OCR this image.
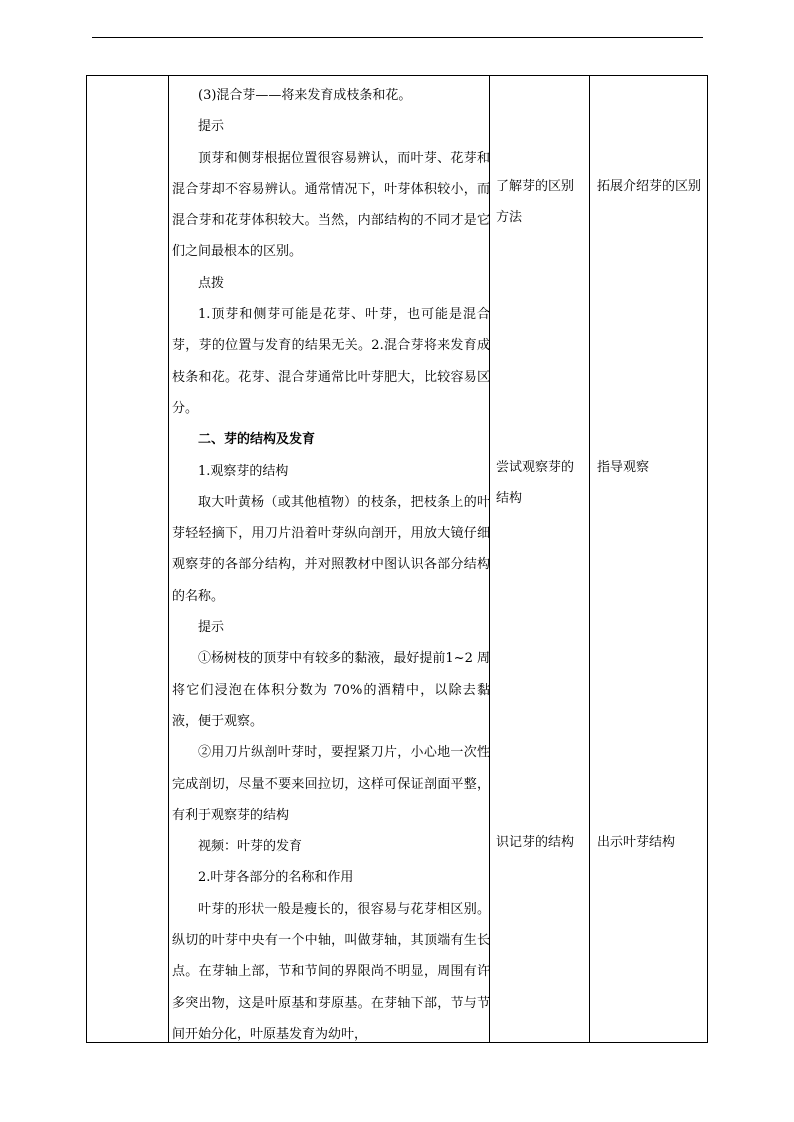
(3)混合芽——将来发育成枝条和花。

提示

顶芽和侧芽根据位置很容易辨认，而叶芽、花芽和混合芽却不容易辨认。通常情况下，叶芽体积较小，而混合芽和花芽体积较大。当然，内部结构的不同才是它们之间最根本的区别。

点拨

1.顶芽和侧芽可能是花芽、叶芽，也可能是混合芽，芽的位置与发育的结果无关。2.混合芽将来发育成枝条和花。花芽、混合芽通常比叶芽肥大，比较容易区分。

二、芽的结构及发育

1.观察芽的结构

取大叶黄杨（或其他植物）的枝条，把枝条上的叶芽轻轻摘下，用刀片沿着叶芽纵向剖开，用放大镜仔细观察芽的各部分结构，并对照教材中图认识各部分结构的名称。

提示

①杨树枝的顶芽中有较多的黏液，最好提前1~2 周将它们浸泡在体积分数为 70%的酒精中，以除去黏液，便于观察。

②用刀片纵剖叶芽时，要捏紧刀片，小心地一次性完成剖切，尽量不要来回拉切，这样可保证剖面平整，有利于观察芽的结构

视频：叶芽的发育

2.叶芽各部分的名称和作用

叶芽的形状一般是瘦长的，很容易与花芽相区别。纵切的叶芽中央有一个中轴，叫做芽轴，其顶端有生长点。在芽轴上部，节和节间的界限尚不明显，周围有许多突出物，这是叶原基和芽原基。在芽轴下部，节与节间开始分化，叶原基发育为幼叶，

了解芽的区别方法

尝试观察芽的结构

识记芽的结构

拓展介绍芽的区别

指导观察

出示叶芽结构
